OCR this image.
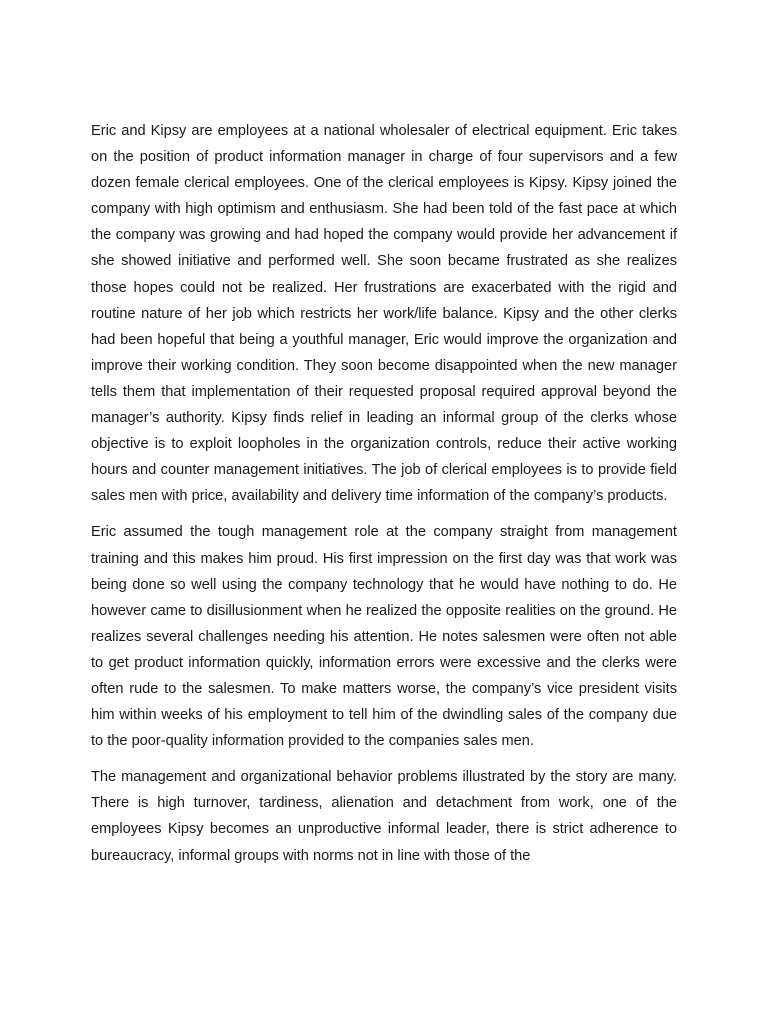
Eric and Kipsy are employees at a national wholesaler of electrical equipment. Eric takes on the position of product information manager in charge of four supervisors and a few dozen female clerical employees. One of the clerical employees is Kipsy. Kipsy joined the company with high optimism and enthusiasm. She had been told of the fast pace at which the company was growing and had hoped the company would provide her advancement if she showed initiative and performed well. She soon became frustrated as she realizes those hopes could not be realized. Her frustrations are exacerbated with the rigid and routine nature of her job which restricts her work/life balance. Kipsy and the other clerks had been hopeful that being a youthful manager, Eric would improve the organization and improve their working condition. They soon become disappointed when the new manager tells them that implementation of their requested proposal required approval beyond the manager’s authority. Kipsy finds relief in leading an informal group of the clerks whose objective is to exploit loopholes in the organization controls, reduce their active working hours and counter management initiatives. The job of clerical employees is to provide field sales men with price, availability and delivery time information of the company’s products.

Eric assumed the tough management role at the company straight from management training and this makes him proud. His first impression on the first day was that work was being done so well using the company technology that he would have nothing to do. He however came to disillusionment when he realized the opposite realities on the ground. He realizes several challenges needing his attention. He notes salesmen were often not able to get product information quickly, information errors were excessive and the clerks were often rude to the salesmen. To make matters worse, the company’s vice president visits him within weeks of his employment to tell him of the dwindling sales of the company due to the poor-quality information provided to the companies sales men.

The management and organizational behavior problems illustrated by the story are many. There is high turnover, tardiness, alienation and detachment from work, one of the employees Kipsy becomes an unproductive informal leader, there is strict adherence to bureaucracy, informal groups with norms not in line with those of the
